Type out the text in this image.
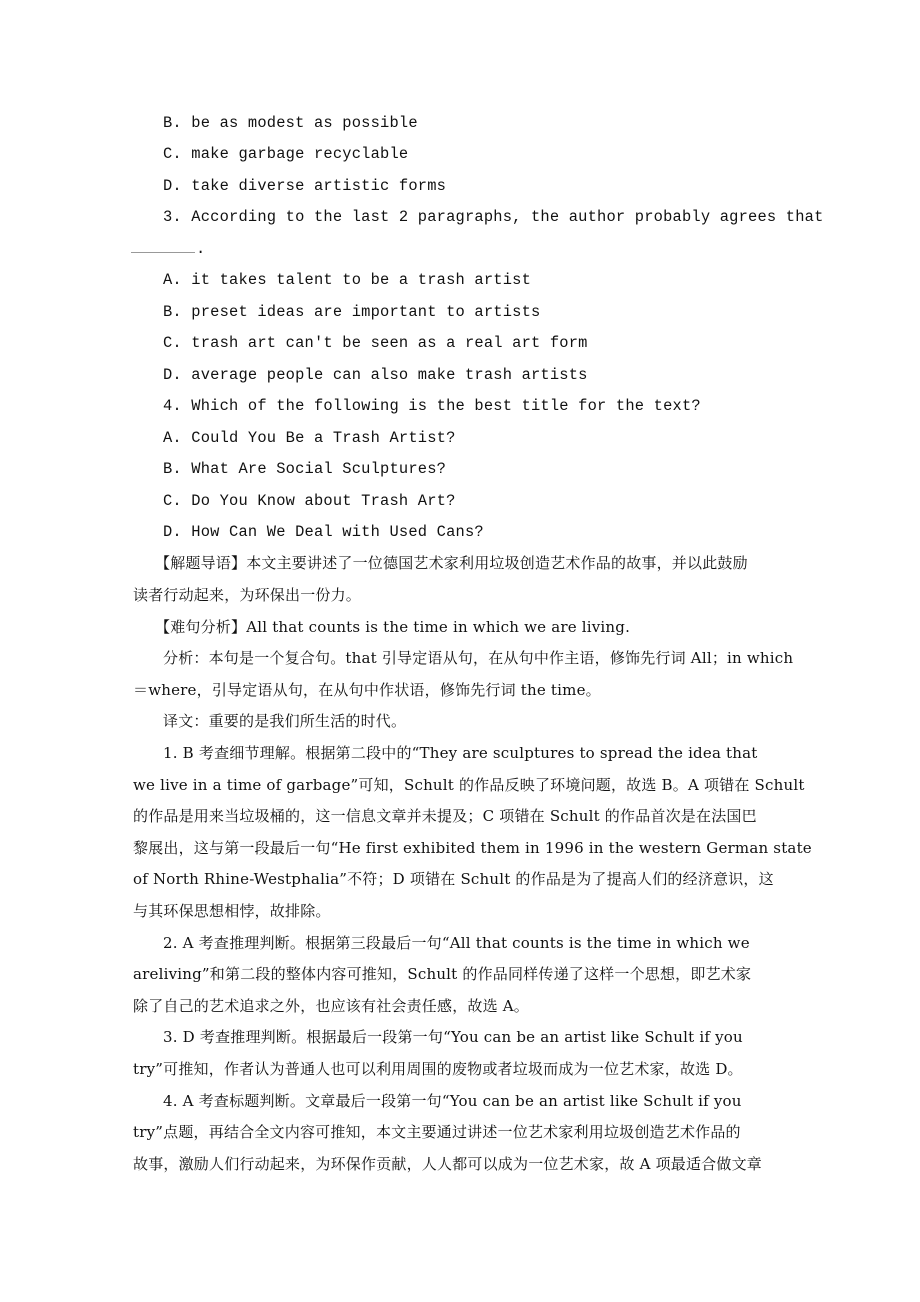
B. be as modest as possible
C. make garbage recyclable
D. take diverse artistic forms
3. According to the last 2 paragraphs, the author probably agrees that
.
A. it takes talent to be a trash artist
B. preset ideas are important to artists
C. trash art can't be seen as a real art form
D. average people can also make trash artists
4. Which of the following is the best title for the text?
A. Could You Be a Trash Artist?
B. What Are Social Sculptures?
C. Do You Know about Trash Art?
D. How Can We Deal with Used Cans?
【解题导语】本文主要讲述了一位德国艺术家利用垃圾创造艺术作品的故事，并以此鼓励
读者行动起来，为环保出一份力。
【难句分析】All that counts is the time in which we are living.
分析：本句是一个复合句。that 引导定语从句，在从句中作主语，修饰先行词 All；in which
＝where，引导定语从句，在从句中作状语，修饰先行词 the time。
译文：重要的是我们所生活的时代。
1. B 考查细节理解。根据第二段中的“They are sculptures to spread the idea that
we live in a time of garbage”可知，Schult 的作品反映了环境问题，故选 B。A 项错在 Schult
的作品是用来当垃圾桶的，这一信息文章并未提及；C 项错在 Schult 的作品首次是在法国巴
黎展出，这与第一段最后一句“He first exhibited them in 1996 in the western German state
of North Rhine-Westphalia”不符；D 项错在 Schult 的作品是为了提高人们的经济意识，这
与其环保思想相悖，故排除。
2. A 考查推理判断。根据第三段最后一句“All that counts is the time in which we
areliving”和第二段的整体内容可推知，Schult 的作品同样传递了这样一个思想，即艺术家
除了自己的艺术追求之外，也应该有社会责任感，故选 A。
3. D 考查推理判断。根据最后一段第一句“You can be an artist like Schult if you
try”可推知，作者认为普通人也可以利用周围的废物或者垃圾而成为一位艺术家，故选 D。
4. A 考查标题判断。文章最后一段第一句“You can be an artist like Schult if you
try”点题，再结合全文内容可推知，本文主要通过讲述一位艺术家利用垃圾创造艺术作品的
故事，激励人们行动起来，为环保作贡献，人人都可以成为一位艺术家，故 A 项最适合做文章
